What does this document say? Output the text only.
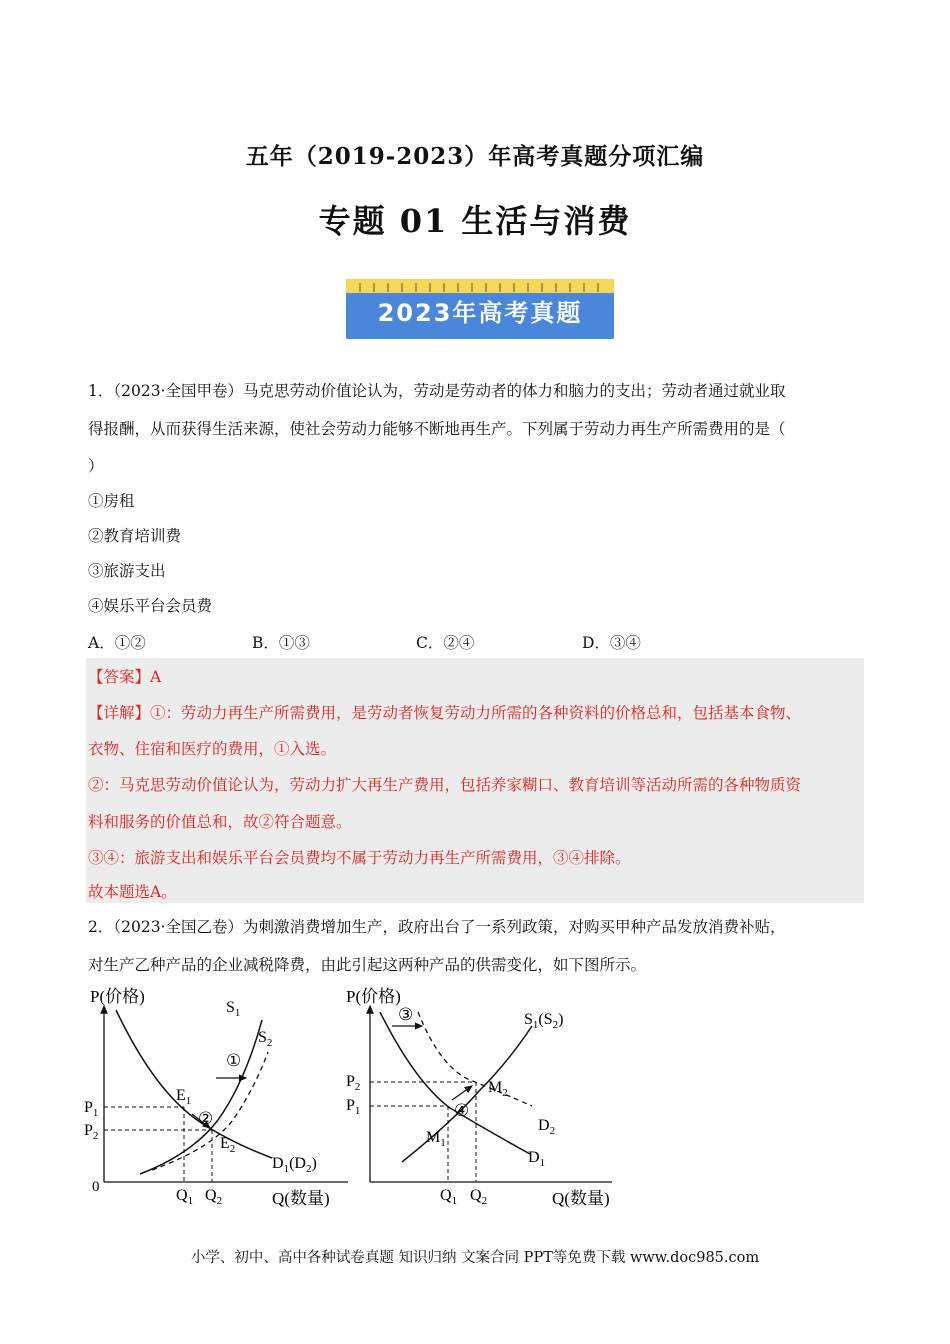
五年（2019-2023）年高考真题分项汇编
专题 01 生活与消费
2023年高考真题
1．（2023·全国甲卷）马克思劳动价值论认为，劳动是劳动者的体力和脑力的支出；劳动者通过就业取
得报酬，从而获得生活来源，使社会劳动力能够不断地再生产。下列属于劳动力再生产所需费用的是（
）
①房租
②教育培训费
③旅游支出
④娱乐平台会员费
A．①②	B．①③	C．②④	D．③④
【答案】A
【详解】①：劳动力再生产所需费用，是劳动者恢复劳动力所需的各种资料的价格总和，包括基本食物、
衣物、住宿和医疗的费用，①入选。
②：马克思劳动价值论认为，劳动力扩大再生产费用，包括养家糊口、教育培训等活动所需的各种物质资
料和服务的价值总和，故②符合题意。
③④：旅游支出和娱乐平台会员费均不属于劳动力再生产所需费用，③④排除。
故本题选A。
2．（2023·全国乙卷）为刺激消费增加生产，政府出台了一系列政策，对购买甲种产品发放消费补贴，
对生产乙种产品的企业减税降费，由此引起这两种产品的供需变化，如下图所示。
P(价格)
Q(数量)
0
①
②
$S_1$
$S_2$
$D_1(D_2)$
$E_1$
$E_2$
$P_1$
$P_2$
$Q_1$ $Q_2$
P(价格)
Q(数量)
③
④
$S_1(S_2)$
$D_1$
$D_2$
$M_1$
$M_2$
$P_2$
$P_1$
$Q_1$ $Q_2$
小学、初中、高中各种试卷真题 知识归纳 文案合同 PPT等免费下载 www.doc985.com
